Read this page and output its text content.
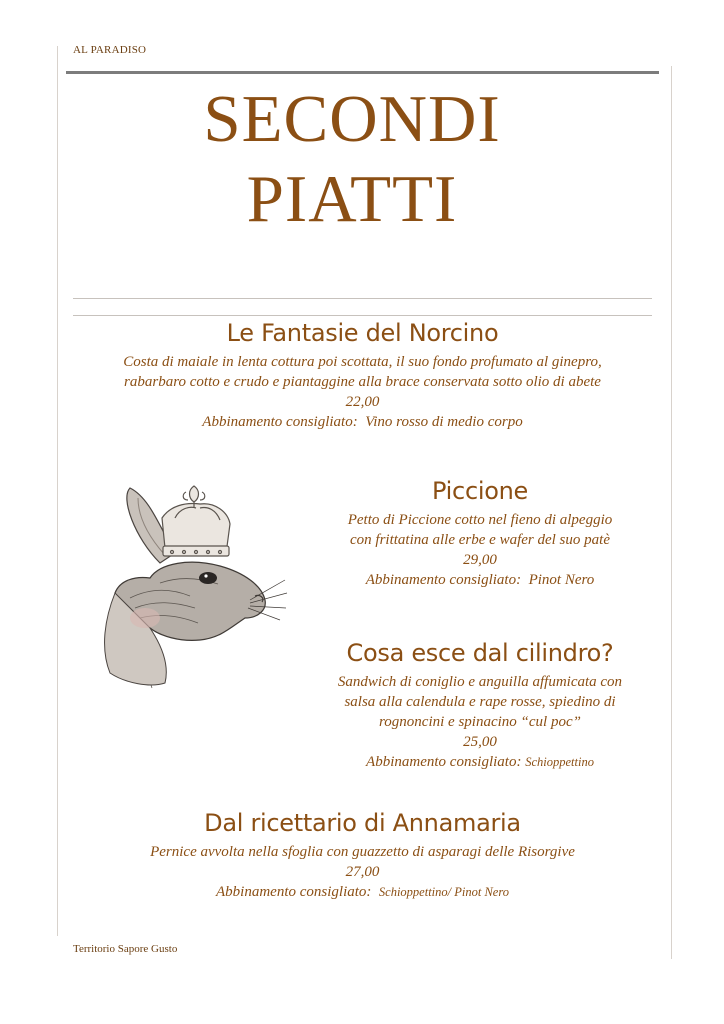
AL PARADISO
SECONDI
PIATTI
Le Fantasie del Norcino
Costa di maiale in lenta cottura poi scottata, il suo fondo profumato al ginepro,
rabarbaro cotto e crudo e piantaggine alla brace conservata sotto olio di abete
22,00
Abbinamento consigliato: Vino rosso di medio corpo
Piccione
Petto di Piccione cotto nel fieno di alpeggio
con frittatina alle erbe e wafer del suo patè
29,00
Abbinamento consigliato: Pinot Nero
Cosa esce dal cilindro?
Sandwich di coniglio e anguilla affumicata con
salsa alla calendula e rape rosse, spiedino di
rognoncini e spinacino “cul poc”
25,00
Abbinamento consigliato: Schioppettino
Dal ricettario di Annamaria
Pernice avvolta nella sfoglia con guazzetto di asparagi delle Risorgive
27,00
Abbinamento consigliato: Schioppettino/ Pinot Nero
Territorio Sapore Gusto
